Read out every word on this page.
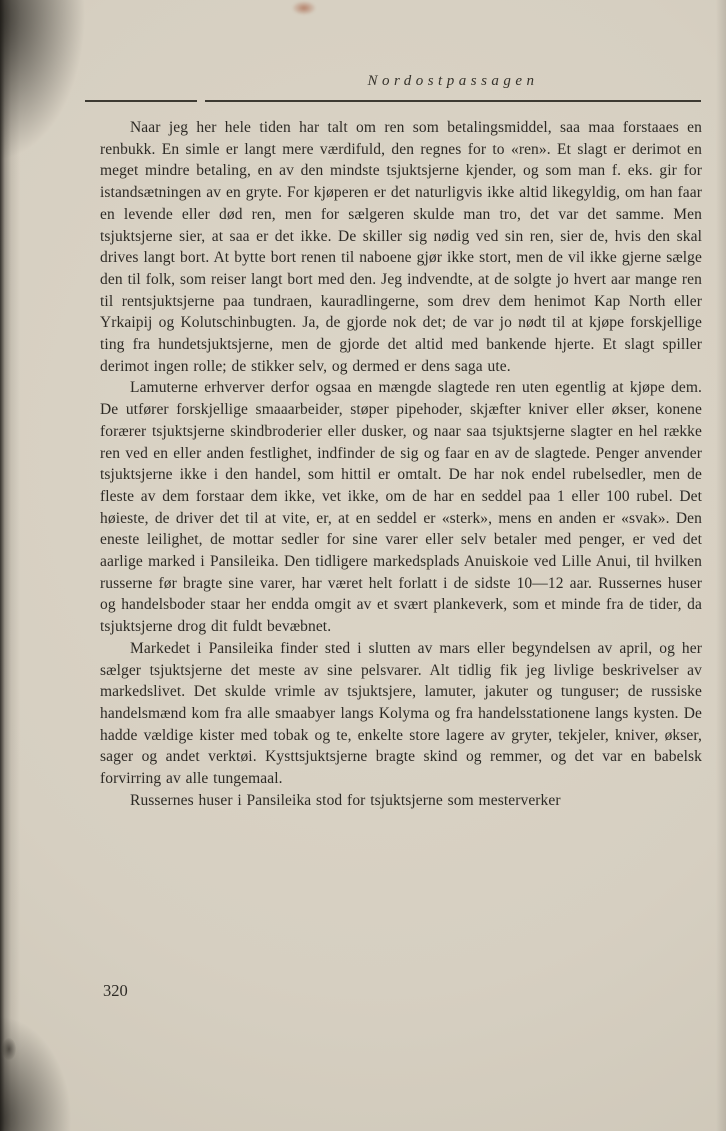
Nordostpassagen

Naar jeg her hele tiden har talt om ren som betalingsmiddel, saa maa forstaaes en renbukk. En simle er langt mere værdifuld, den regnes for to «ren». Et slagt er derimot en meget mindre betaling, en av den mindste tsjuktsjerne kjender, og som man f. eks. gir for istandsætningen av en gryte. For kjøperen er det naturligvis ikke altid likegyldig, om han faar en levende eller død ren, men for sælgeren skulde man tro, det var det samme. Men tsjuktsjerne sier, at saa er det ikke. De skiller sig nødig ved sin ren, sier de, hvis den skal drives langt bort. At bytte bort renen til naboene gjør ikke stort, men de vil ikke gjerne sælge den til folk, som reiser langt bort med den. Jeg indvendte, at de solgte jo hvert aar mange ren til rentsjuktsjerne paa tundraen, kauradlingerne, som drev dem henimot Kap North eller Yrkaipij og Kolutschinbugten. Ja, de gjorde nok det; de var jo nødt til at kjøpe forskjellige ting fra hundetsjuktsjerne, men de gjorde det altid med bankende hjerte. Et slagt spiller derimot ingen rolle; de stikker selv, og dermed er dens saga ute.

Lamuterne erhverver derfor ogsaa en mængde slagtede ren uten egentlig at kjøpe dem. De utfører forskjellige smaaarbeider, støper pipehoder, skjæfter kniver eller økser, konene forærer tsjuktsjerne skindbroderier eller dusker, og naar saa tsjuktsjerne slagter en hel række ren ved en eller anden festlighet, indfinder de sig og faar en av de slagtede. Penger anvender tsjuktsjerne ikke i den handel, som hittil er omtalt. De har nok endel rubelsedler, men de fleste av dem forstaar dem ikke, vet ikke, om de har en seddel paa 1 eller 100 rubel. Det høieste, de driver det til at vite, er, at en seddel er «sterk», mens en anden er «svak». Den eneste leilighet, de mottar sedler for sine varer eller selv betaler med penger, er ved det aarlige marked i Pansileika. Den tidligere markedsplads Anuiskoie ved Lille Anui, til hvilken russerne før bragte sine varer, har været helt forlatt i de sidste 10—12 aar. Russernes huser og handelsboder staar her endda omgit av et svært plankeverk, som et minde fra de tider, da tsjuktsjerne drog dit fuldt bevæbnet.

Markedet i Pansileika finder sted i slutten av mars eller begyndelsen av april, og her sælger tsjuktsjerne det meste av sine pelsvarer. Alt tidlig fik jeg livlige beskrivelser av markedslivet. Det skulde vrimle av tsjuktsjere, lamuter, jakuter og tunguser; de russiske handelsmænd kom fra alle smaabyer langs Kolyma og fra handelsstationene langs kysten. De hadde vældige kister med tobak og te, enkelte store lagere av gryter, tekjeler, kniver, økser, sager og andet verktøi. Kysttsjuktsjerne bragte skind og remmer, og det var en babelsk forvirring av alle tungemaal.

Russernes huser i Pansileika stod for tsjuktsjerne som mesterverker

320
